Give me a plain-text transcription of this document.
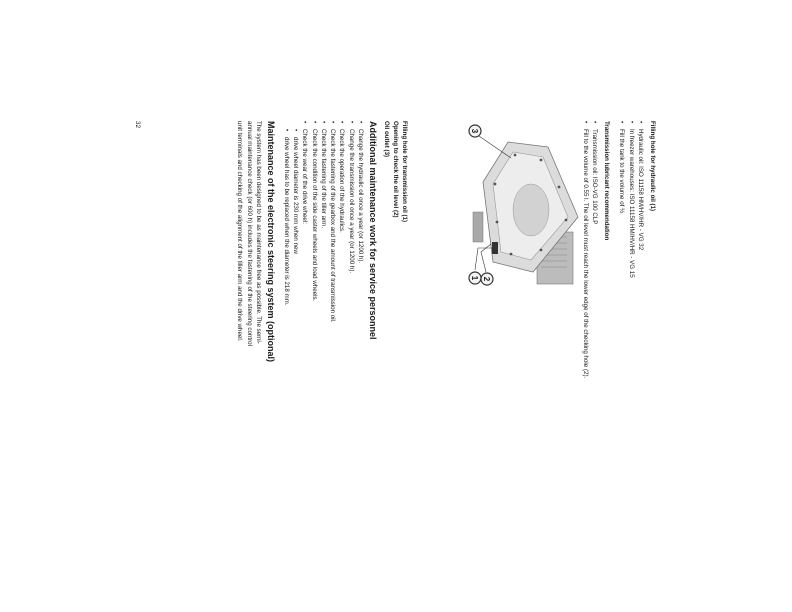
Filling hole for hydraulic oil (1)
• Hydraulic oil: ISO 11158 HM/HV/HR - VG 32
• In freezer warehouses: ISO 11158 HM/HV/HR - VG 15
• Fill the tank to the volume of ½
Transmission lubricant recommendation
• Transmission oil: ISO-VG 100 CLP
• Fill to the volume of 0.55 l. The oil level must reach the lower edge of the checking hole (2).
1 2
3
Filling hole for transmission oil (1)
Opening to check the oil level (2)
Oil outlet (3)
Additional maintenance work for service personnel
• Change the hydraulic oil once a year (or 1200 h).
• Change the transmission oil once a year (or 1200 h).
• Check the operation of the hydraulics.
• Check the fastening of the gearbox and the amount of transmission oil.
• Check the fastening of the tiller arm.
• Check the condition of the side caster wheels and load wheels.
• Check the wear of the drive wheel:
• drive wheel diameter is 230 mm when new
• drive wheel has to be replaced when the diameter is 218 mm.
Maintenance of the electronic steering system (optional)
The system has been designed to be as maintenance free as possible. The semi-annual maintenance check (or 600 h) includes the fastening of the steering control unit terminals and checking of the alignment of the tiller arm and the drive wheel.
32
